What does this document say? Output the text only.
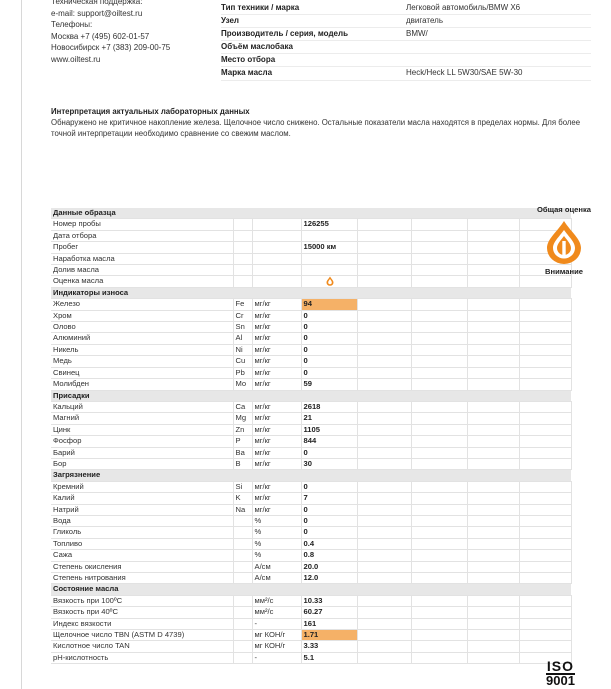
Техническая поддержка:
e-mail: support@oiltest.ru
Телефоны:
Москва +7 (495) 602-01-57
Новосибирск +7 (383) 209-00-75
www.oiltest.ru
Тип техники / марка	Легковой автомобиль/BMW X6
Узел	двигатель
Производитель / серия, модель	BMW/
Объём маслобака
Место отбора
Марка масла	Heck/Heck LL 5W30/SAE 5W-30
Интерпретация актуальных лабораторных данных
Обнаружено не критичное накопление железа. Щелочное число снижено. Остальные показатели масла находятся в пределах нормы. Для более точной интерпретации необходимо сравнение со свежим маслом.
Данные образца							
Номер пробы			126255				
Дата отбора							
Пробег			15000 км				
Наработка масла							
Долив масла							
Оценка масла							
Индикаторы износа							
Железо	Fe	мг/кг	94				
Хром	Cr	мг/кг	0				
Олово	Sn	мг/кг	0				
Алюминий	Al	мг/кг	0				
Никель	Ni	мг/кг	0				
Медь	Cu	мг/кг	0				
Свинец	Pb	мг/кг	0				
Молибден	Mo	мг/кг	59				
Присадки							
Кальций	Ca	мг/кг	2618				
Магний	Mg	мг/кг	21				
Цинк	Zn	мг/кг	1105				
Фосфор	P	мг/кг	844				
Барий	Ba	мг/кг	0				
Бор	B	мг/кг	30				
Загрязнение							
Кремний	Si	мг/кг	0				
Калий	K	мг/кг	7				
Натрий	Na	мг/кг	0				
Вода		%	0				
Гликоль		%	0				
Топливо		%	0.4				
Сажа		%	0.8				
Степень окисления		А/см	20.0				
Степень нитрования		А/см	12.0				
Состояние масла							
Вязкость при 100ºС		мм²/с	10.33				
Вязкость при 40ºС		мм²/с	60.27				
Индекс вязкости		-	161				
Щелочное число TBN (ASTM D 4739)		мг КОН/г	1.71				
Кислотное число TAN		мг КОН/г	3.33				
pH-кислотность		-	5.1				
Общая оценка
Внимание
ISO
9001
